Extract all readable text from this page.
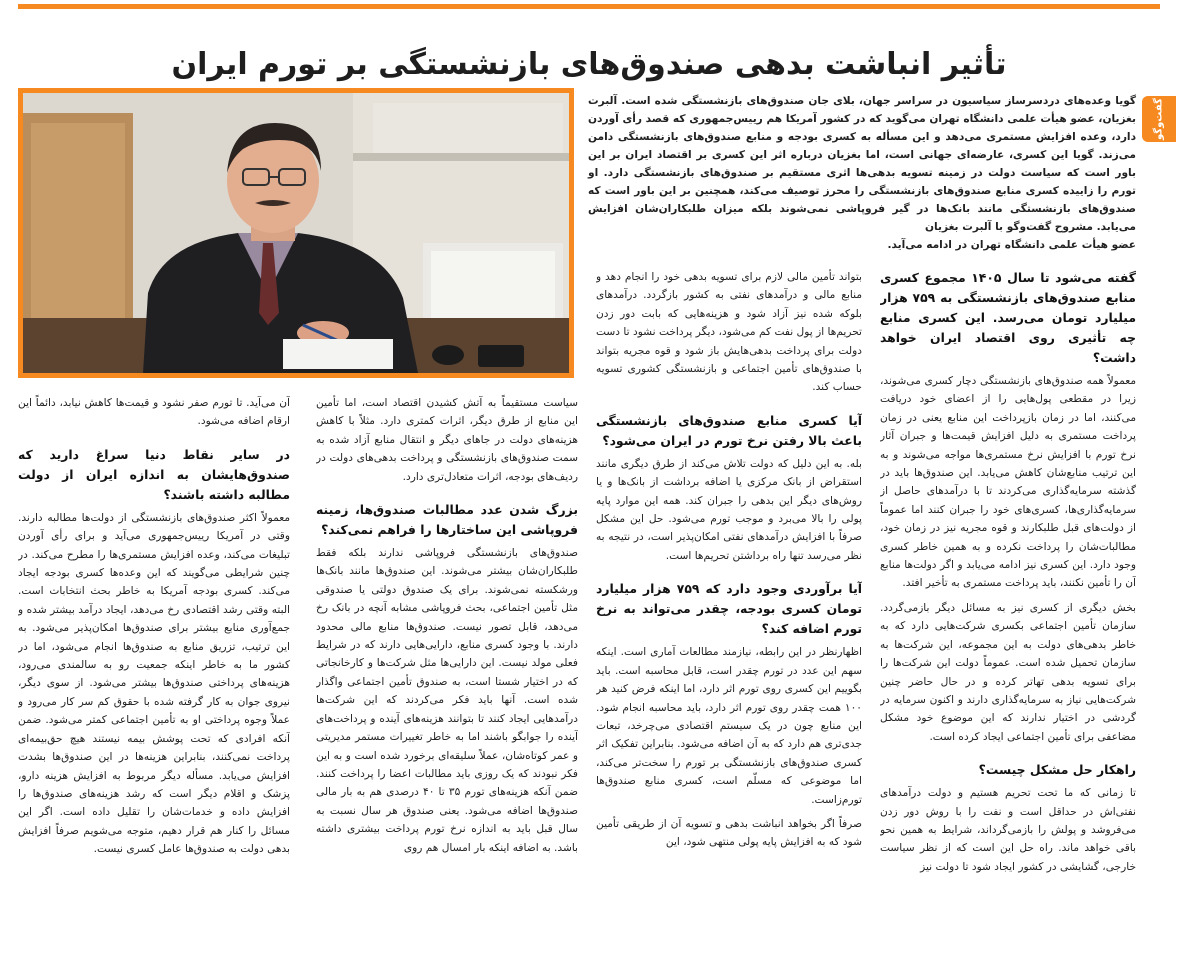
تأثیر انباشت بدهی صندوق‌های بازنشستگی بر تورم ایران
گفت‌وگو
گویا وعده‌های دردسرساز سیاسیون در سراسر جهان، بلای جان صندوق‌های بازنشستگی شده است. آلبرت بغزیان، عضو هیأت علمی دانشگاه تهران می‌گوید که در کشور آمریکا هم رییس‌جمهوری که قصد رأی آوردن دارد، وعده افزایش مستمری می‌دهد و این مسأله به کسری بودجه و منابع صندوق‌های بازنشستگی دامن می‌زند. گویا این کسری، عارضه‌ای جهانی است، اما بغزیان درباره اثر این کسری بر اقتصاد ایران بر این باور است که سیاست دولت در زمینه تسویه بدهی‌ها اثری مستقیم بر صندوق‌های بازنشستگی دارد. او تورم را زاییده کسری منابع صندوق‌های بازنشستگی را محرز توصیف می‌کند، همچنین بر این باور است که صندوق‌های بازنشستگی مانند بانک‌ها در گیر فروپاشی نمی‌شوند بلکه میزان طلبکاران‌شان افزایش می‌یابد. مشروح گفت‌وگو با آلبرت بغزیان
عضو هیأت علمی دانشگاه تهران در ادامه می‌آید.
گفته می‌شود تا سال ۱۴۰۵ مجموع کسری منابع صندوق‌های بازنشستگی به ۷۵۹ هزار میلیارد تومان می‌رسد. این کسری منابع چه تأثیری روی اقتصاد ایران خواهد داشت؟

معمولاً همه صندوق‌های بازنشستگی دچار کسری می‌شوند، زیرا در مقطعی پول‌هایی را از اعضای خود دریافت می‌کنند، اما در زمان بازپرداخت این منابع یعنی در زمان پرداخت مستمری به دلیل افزایش قیمت‌ها و جبران آثار نرخ تورم با افزایش نرخ مستمری‌ها مواجه می‌شوند و به این ترتیب منابع‌شان کاهش می‌یابد. این صندوق‌ها باید در گذشته سرمایه‌گذاری می‌کردند تا با درآمدهای حاصل از سرمایه‌گذاری‌ها، کسری‌های خود را جبران کنند اما عموماً از دولت‌های قبل طلبکارند و قوه مجریه نیز در زمان خود، مطالبات‌شان را پرداخت نکرده و به همین خاطر کسری وجود دارد. این کسری نیز ادامه می‌یابد و اگر دولت‌ها منابع آن را تأمین نکنند، باید پرداخت مستمری به تأخیر افتد.

بخش دیگری از کسری نیز به مسائل دیگر بازمی‌گردد. سازمان تأمین اجتماعی بکسری شرکت‌هایی دارد که به خاطر بدهی‌های دولت به این مجموعه، این شرکت‌ها به سازمان تحمیل شده است. عموماً دولت این شرکت‌ها را برای تسویه بدهی تهاتر کرده و در حال حاضر چنین شرکت‌هایی نیاز به سرمایه‌گذاری دارند و اکنون سرمایه در گردشی در اختیار ندارند که این موضوع خود مشکل مضاعفی برای تأمین اجتماعی ایجاد کرده است.

راهکار حل مشکل چیست؟

تا زمانی که ما تحت تحریم هستیم و دولت درآمدهای نفتی‌اش در حداقل است و نفت را با روش دور زدن می‌فروشد و پولش را بازمی‌گرداند، شرایط به همین نحو باقی خواهد ماند. راه حل این است که از نظر سیاست خارجی، گشایشی در کشور ایجاد شود تا دولت نیز

بتواند تأمین مالی لازم برای تسویه بدهی خود را انجام دهد و منابع مالی و درآمدهای نفتی به کشور بازگردد. درآمدهای بلوکه شده نیز آزاد شود و هزینه‌هایی که بابت دور زدن تحریم‌ها از پول نفت کم می‌شود، دیگر پرداخت نشود تا دست دولت برای پرداخت بدهی‌هایش باز شود و قوه مجریه بتواند با صندوق‌های تأمین اجتماعی و بازنشستگی کشوری تسویه حساب کند.

آیا کسری منابع صندوق‌های بازنشستگی باعث بالا رفتن نرخ تورم در ایران می‌شود؟

بله. به این دلیل که دولت تلاش می‌کند از طرق دیگری مانند استقراض از بانک مرکزی یا اضافه برداشت از بانک‌ها و یا روش‌های دیگر این بدهی را جبران کند. همه این موارد پایه پولی را بالا می‌برد و موجب تورم می‌شود. حل این مشکل صرفاً با افزایش درآمدهای نفتی امکان‌پذیر است، در نتیجه به نظر می‌رسد تنها راه برداشتن تحریم‌ها است.

آیا برآوردی وجود دارد که ۷۵۹ هزار میلیارد تومان کسری بودجه، چقدر می‌تواند به نرخ تورم اضافه کند؟

اظهارنظر در این رابطه، نیازمند مطالعات آماری است. اینکه سهم این عدد در تورم چقدر است، قابل محاسبه است. باید بگوییم این کسری روی تورم اثر دارد، اما اینکه فرض کنید هر ۱۰۰ همت چقدر روی تورم اثر دارد، باید محاسبه انجام شود. این منابع چون در یک سیستم اقتصادی می‌چرخد، تبعات جدی‌تری هم دارد که به آن اضافه می‌شود. بنابراین تفکیک اثر کسری صندوق‌های بازنشستگی بر تورم را سخت‌تر می‌کند، اما موضوعی که مسلّم است، کسری منابع صندوق‌ها تورم‌زاست.

صرفاً اگر بخواهد انباشت بدهی و تسویه آن از طریقی تأمین شود که به افزایش پایه پولی منتهی شود، این

سیاست مستقیماً به آتش کشیدن اقتصاد است، اما تأمین این منابع از طرق دیگر، اثرات کمتری دارد. مثلاً با کاهش هزینه‌های دولت در جاهای دیگر و انتقال منابع آزاد شده به سمت صندوق‌های بازنشستگی و پرداخت بدهی‌های دولت در ردیف‌های بودجه، اثرات متعادل‌تری دارد.

بزرگ شدن عدد مطالبات صندوق‌ها، زمینه فروپاشی این ساختارها را فراهم نمی‌کند؟

صندوق‌های بازنشستگی فروپاشی ندارند بلکه فقط طلبکاران‌شان بیشتر می‌شوند. این صندوق‌ها مانند بانک‌ها ورشکسته نمی‌شوند. برای یک صندوق دولتی یا صندوقی مثل تأمین اجتماعی، بحث فروپاشی مشابه آنچه در بانک رخ می‌دهد، قابل تصور نیست. صندوق‌ها منابع مالی محدود دارند. با وجود کسری منابع، دارایی‌هایی دارند که در شرایط فعلی مولد نیست. این دارایی‌ها مثل شرکت‌ها و کارخانجاتی که در اختیار شستا است، به صندوق تأمین اجتماعی واگذار شده است. آنها باید فکر می‌کردند که این شرکت‌ها درآمدهایی ایجاد کنند تا بتوانند هزینه‌های آینده و پرداخت‌های آینده را جوابگو باشند اما به خاطر تغییرات مستمر مدیریتی و عمر کوتاه‌شان، عملاً سلیقه‌ای برخورد شده است و به این فکر نبودند که یک روزی باید مطالبات اعضا را پرداخت کنند. ضمن آنکه هزینه‌های تورم ۳۵ تا ۴۰ درصدی هم به بار مالی صندوق‌ها اضافه می‌شود. یعنی صندوق هر سال نسبت به سال قبل باید به اندازه نرخ تورم پرداخت بیشتری داشته باشد. به اضافه اینکه بار امسال هم روی

آن می‌آید. تا تورم صفر نشود و قیمت‌ها کاهش نیابد، دائماً این ارقام اضافه می‌شود.

در سایر نقاط دنیا سراغ دارید که صندوق‌هایشان به اندازه ایران از دولت مطالبه داشته باشند؟

معمولاً اکثر صندوق‌های بازنشستگی از دولت‌ها مطالبه دارند. وقتی در آمریکا رییس‌جمهوری می‌آید و برای رأی آوردن تبلیغات می‌کند، وعده افزایش مستمری‌ها را مطرح می‌کند. در چنین شرایطی می‌گویند که این وعده‌ها کسری بودجه ایجاد می‌کند. کسری بودجه آمریکا به خاطر بحث انتخابات است. البته وقتی رشد اقتصادی رخ می‌دهد، ایجاد درآمد بیشتر شده و جمع‌آوری منابع بیشتر برای صندوق‌ها امکان‌پذیر می‌شود. به این ترتیب، تزریق منابع به صندوق‌ها انجام می‌شود، اما در کشور ما به خاطر اینکه جمعیت رو به سالمندی می‌رود، هزینه‌های پرداختی صندوق‌ها بیشتر می‌شود. از سوی دیگر، نیروی جوان به کار گرفته شده با حقوق کم سر کار می‌رود و عملاً وجوه پرداختی او به تأمین اجتماعی کمتر می‌شود. ضمن آنکه افرادی که تحت پوشش بیمه نیستند هیچ حق‌بیمه‌ای پرداخت نمی‌کنند، بنابراین هزینه‌ها در این صندوق‌ها بشدت افزایش می‌یابد. مسأله دیگر مربوط به افزایش هزینه دارو، پزشک و اقلام دیگر است که رشد هزینه‌های صندوق‌ها را افزایش داده و خدمات‌شان را تقلیل داده است. اگر این مسائل را کنار هم قرار دهیم، متوجه می‌شویم صرفاً افزایش بدهی دولت به صندوق‌ها عامل کسری نیست.
